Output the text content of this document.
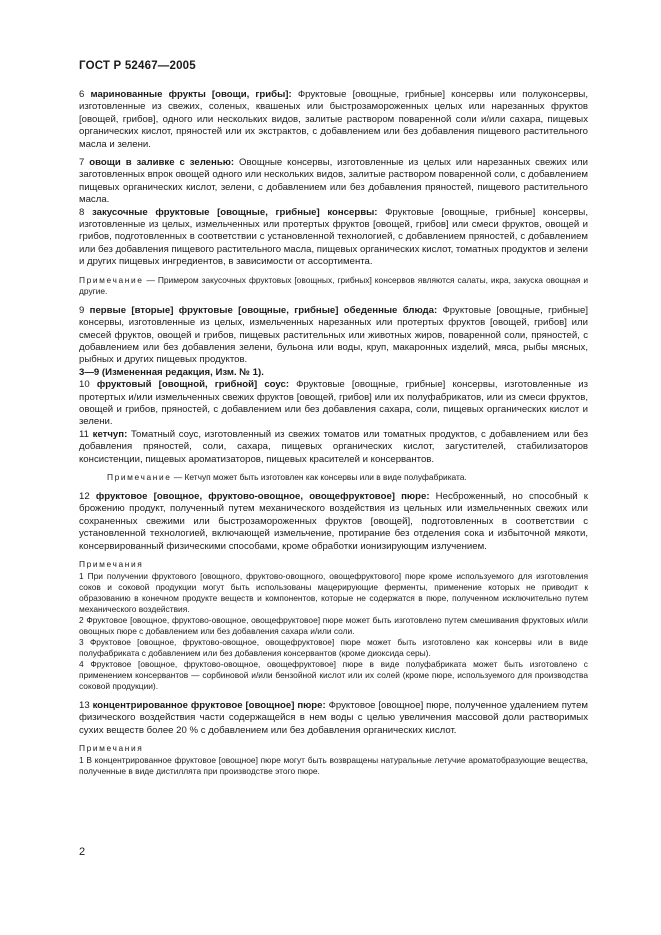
ГОСТ Р 52467—2005

6 маринованные фрукты [овощи, грибы]: Фруктовые [овощные, грибные] консервы или полуконсервы, изготовленные из свежих, соленых, квашеных или быстрозамороженных целых или нарезанных фруктов [овощей, грибов], одного или нескольких видов, залитые раствором поваренной соли и/или сахара, пищевых органических кислот, пряностей или их экстрактов, с добавлением или без добавления пищевого растительного масла и зелени.

7 овощи в заливке с зеленью: Овощные консервы, изготовленные из целых или нарезанных свежих или заготовленных впрок овощей одного или нескольких видов, залитые раствором поваренной соли, с добавлением пищевых органических кислот, зелени, с добавлением или без добавления пряностей, пищевого растительного масла.

8 закусочные фруктовые [овощные, грибные] консервы: Фруктовые [овощные, грибные] консервы, изготовленные из целых, измельченных или протертых фруктов [овощей, грибов] или смеси фруктов, овощей и грибов, подготовленных в соответствии с установленной технологией, с добавлением пряностей, с добавлением или без добавления пищевого растительного масла, пищевых органических кислот, томатных продуктов и зелени и других пищевых ингредиентов, в зависимости от ассортимента.

Примечание — Примером закусочных фруктовых [овощных, грибных] консервов являются салаты, икра, закуска овощная и другие.

9 первые [вторые] фруктовые [овощные, грибные] обеденные блюда: Фруктовые [овощные, грибные] консервы, изготовленные из целых, измельченных нарезанных или протертых фруктов [овощей, грибов] или смесей фруктов, овощей и грибов, пищевых растительных или животных жиров, поваренной соли, пряностей, с добавлением или без добавления зелени, бульона или воды, круп, макаронных изделий, мяса, рыбы мясных, рыбных и других пищевых продуктов.

3—9 (Измененная редакция, Изм. № 1).

10 фруктовый [овощной, грибной] соус: Фруктовые [овощные, грибные] консервы, изготовленные из протертых и/или измельченных свежих фруктов [овощей, грибов] или их полуфабрикатов, или из смеси фруктов, овощей и грибов, пряностей, с добавлением или без добавления сахара, соли, пищевых органических кислот и зелени.

11 кетчуп: Томатный соус, изготовленный из свежих томатов или томатных продуктов, с добавлением или без добавления пряностей, соли, сахара, пищевых органических кислот, загустителей, стабилизаторов консистенции, пищевых ароматизаторов, пищевых красителей и консервантов.

Примечание — Кетчуп может быть изготовлен как консервы или в виде полуфабриката.

12 фруктовое [овощное, фруктово-овощное, овощефруктовое] пюре: Несброженный, но способный к брожению продукт, полученный путем механического воздействия из цельных или измельченных свежих или сохраненных свежими или быстрозамороженных фруктов [овощей], подготовленных в соответствии с установленной технологией, включающей измельчение, протирание без отделения сока и избыточной мякоти, консервированный физическими способами, кроме обработки ионизирующим излучением.

Примечания

1 При получении фруктового [овощного, фруктово-овощного, овощефруктового] пюре кроме используемого для изготовления соков и соковой продукции могут быть использованы мацерирующие ферменты, применение которых не приводит к образованию в конечном продукте веществ и компонентов, которые не содержатся в пюре, полученном исключительно путем механического воздействия.

2 Фруктовое [овощное, фруктово-овощное, овощефруктовое] пюре может быть изготовлено путем смешивания фруктовых и/или овощных пюре с добавлением или без добавления сахара и/или соли.

3 Фруктовое [овощное, фруктово-овощное, овощефруктовое] пюре может быть изготовлено как консервы или в виде полуфабриката с добавлением или без добавления консервантов (кроме диоксида серы).

4 Фруктовое [овощное, фруктово-овощное, овощефруктовое] пюре в виде полуфабриката может быть изготовлено с применением консервантов — сорбиновой и/или бензойной кислот или их солей (кроме пюре, используемого для производства соковой продукции).

13 концентрированное фруктовое [овощное] пюре: Фруктовое [овощное] пюре, полученное удалением путем физического воздействия части содержащейся в нем воды с целью увеличения массовой доли растворимых сухих веществ более 20 % с добавлением или без добавления органических кислот.

Примечания

1 В концентрированное фруктовое [овощное] пюре могут быть возвращены натуральные летучие ароматобразующие вещества, полученные в виде дистиллята при производстве этого пюре.

2
